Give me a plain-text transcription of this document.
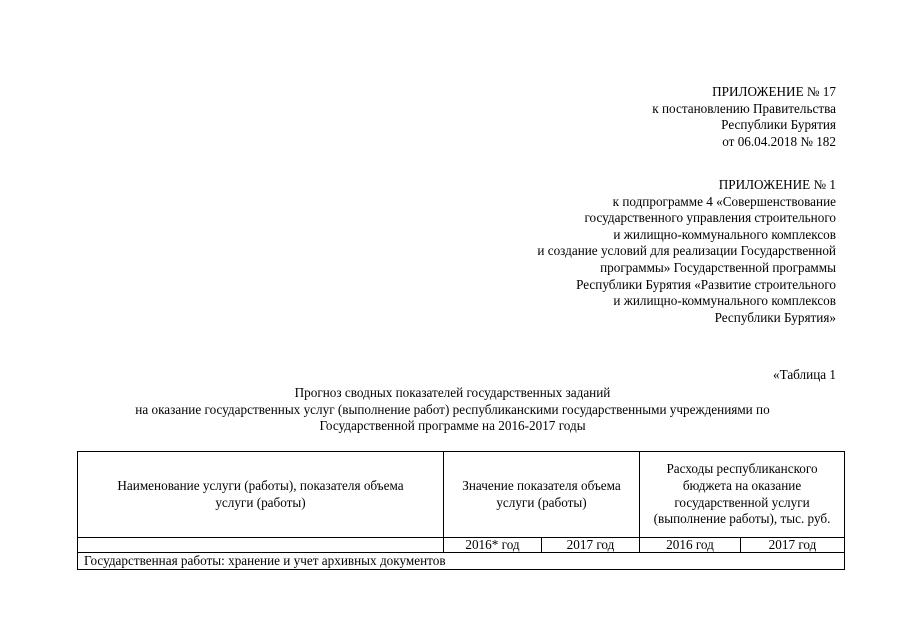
ПРИЛОЖЕНИЕ № 17
к постановлению Правительства
Республики Бурятия
от 06.04.2018 № 182
ПРИЛОЖЕНИЕ № 1
к подпрограмме 4 «Совершенствование
государственного управления строительного
и жилищно-коммунального комплексов
и создание условий для реализации Государственной
программы» Государственной программы
Республики Бурятия «Развитие строительного
и жилищно-коммунального комплексов
Республики Бурятия»
«Таблица 1
Прогноз сводных показателей государственных заданий
на оказание государственных услуг (выполнение работ) республиканскими государственными учреждениями по
Государственной программе на 2016-2017 годы
Наименование услуги (работы), показателя объема услуги (работы)	Значение показателя объема услуги (работы)		Расходы республиканского бюджета на оказание государственной услуги (выполнение работы), тыс. руб.	
	2016* год	2017 год	2016 год	2017 год
Государственная работы: хранение и учет архивных документов				
